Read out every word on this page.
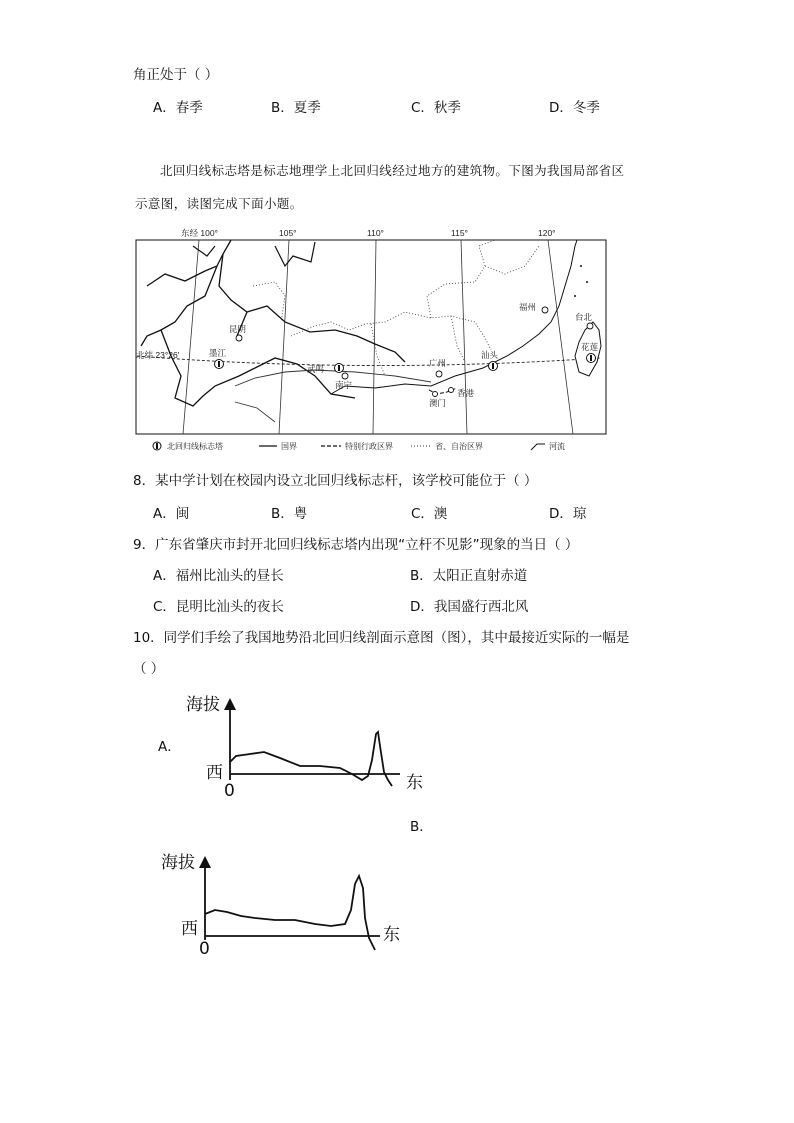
角正处于（ ）
A．春季	B．夏季	C．秋季	D．冬季
北回归线标志塔是标志地理学上北回归线经过地方的建筑物。下图为我国局部省区
示意图，读图完成下面小题。
东经 100°	105°	110°	115°	120°
北纬 23°26'
昆明
墨江
武鸣
南宁
广州
汕头
福州
台北
花莲
澳门
香港
北回归线标志塔	国界	特别行政区界	省、自治区界	河流
8．某中学计划在校园内设立北回归线标志杆，该学校可能位于（ ）
A．闽	B．粤	C．澳	D．琼
9．广东省肇庆市封开北回归线标志塔内出现“立杆不见影”现象的当日（ ）
A．福州比汕头的昼长	B．太阳正直射赤道
C．昆明比汕头的夜长	D．我国盛行西北风
10．同学们手绘了我国地势沿北回归线剖面示意图（图），其中最接近实际的一幅是
（ ）
A．
海拔
西
0	东
B．
海拔
西
0
东
